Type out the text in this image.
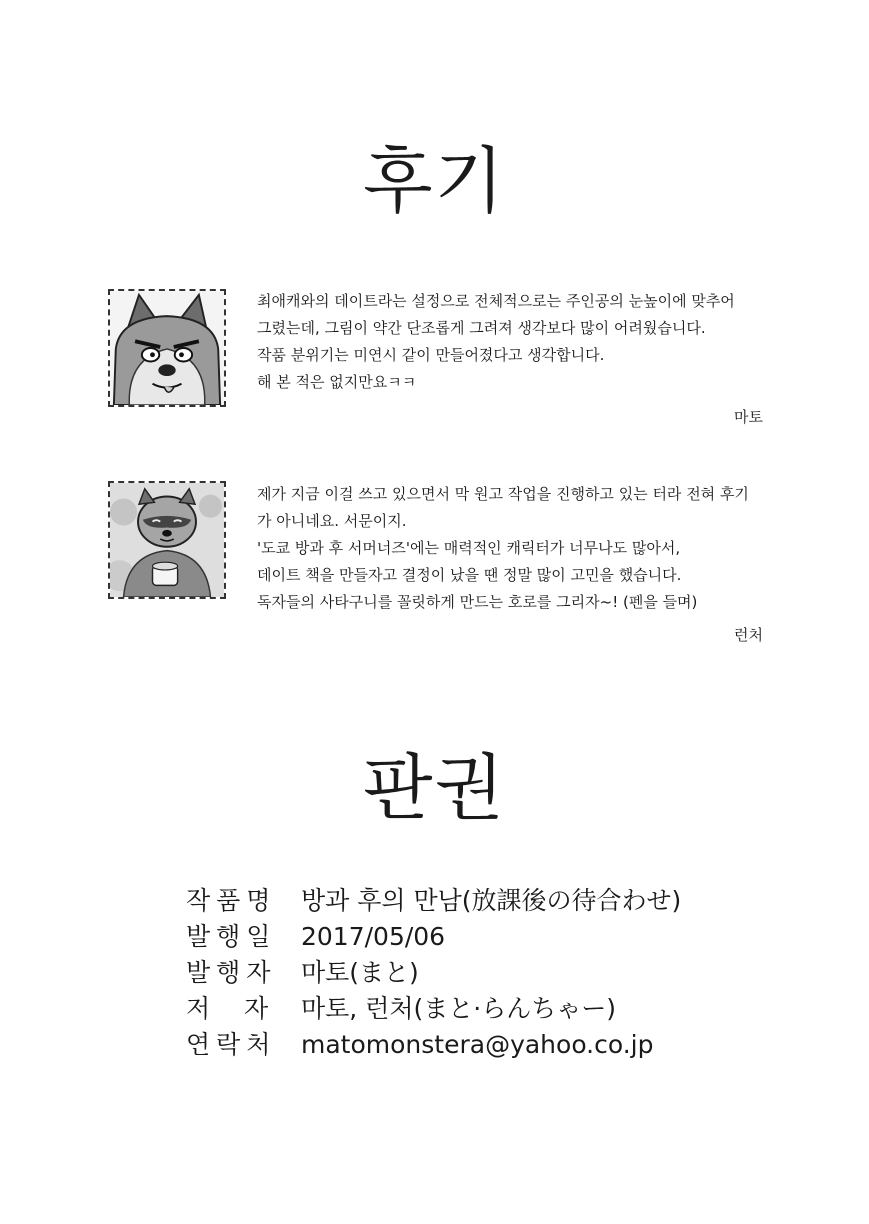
후기
최애캐와의 데이트라는 설정으로 전체적으로는 주인공의 눈높이에 맞추어
그렸는데, 그림이 약간 단조롭게 그려져 생각보다 많이 어려웠습니다.
작품 분위기는 미연시 같이 만들어졌다고 생각합니다.
해 본 적은 없지만요ㅋㅋ
마토
제가 지금 이걸 쓰고 있으면서 막 원고 작업을 진행하고 있는 터라 전혀 후기
가 아니네요. 서문이지.
'도쿄 방과 후 서머너즈'에는 매력적인 캐릭터가 너무나도 많아서,
데이트 책을 만들자고 결정이 났을 땐 정말 많이 고민을 했습니다.
독자들의 사타구니를 꼴릿하게 만드는 호로를 그리자~! (펜을 들며)
런처
판권
작품명 방과 후의 만남(放課後の待合わせ)
발행일 2017/05/06
발행자 마토(まと)
저  자	마토, 런처(まと·らんちゃー)
연락처 matomonstera@yahoo.co.jp
